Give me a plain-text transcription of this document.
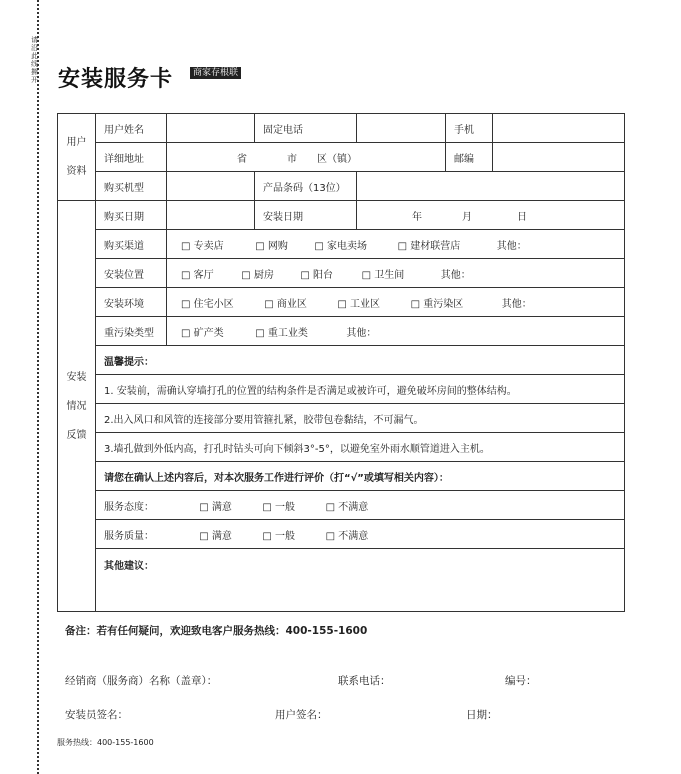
请
沿
此
线
撕
开 安装服务卡	商家存根联
用户
资料	用户姓名		固定电话		手机	
	详细地址	省 市 区（镇）			邮编	
	购买机型		产品条码（13位）			

安装
情况
反馈	购买日期		安装日期	年 月 日		
	购买渠道	□ 专卖店 □ 网购 □ 家电卖场 □ 建材联营店 其他：				
	安装位置	□ 客厅 □ 厨房 □ 阳台 □ 卫生间 其他：				
	安装环境	□ 住宅小区 □ 商业区 □ 工业区 □ 重污染区 其他：				
	重污染类型	□ 矿产类 □ 重工业类 其他：				
	温馨提示：					
	1. 安装前，需确认穿墙打孔的位置的结构条件是否满足或被许可，避免破坏房间的整体结构。					
	2.出入风口和风管的连接部分要用管箍扎紧，胶带包卷黏结，不可漏气。					
	3.墙孔做到外低内高，打孔时钻头可向下倾斜3°-5°，以避免室外雨水顺管道进入主机。					
	请您在确认上述内容后，对本次服务工作进行评价（打“√”或填写相关内容）：					
	服务态度： □ 满意 □ 一般 □ 不满意					
	服务质量： □ 满意 □ 一般 □ 不满意					
	其他建议：					
备注：若有任何疑问，欢迎致电客户服务热线：400-155-1600
经销商（服务商）名称（盖章）：	联系电话：	编号：
安装员签名：	用户签名：	日期：
服务热线：400-155-1600
